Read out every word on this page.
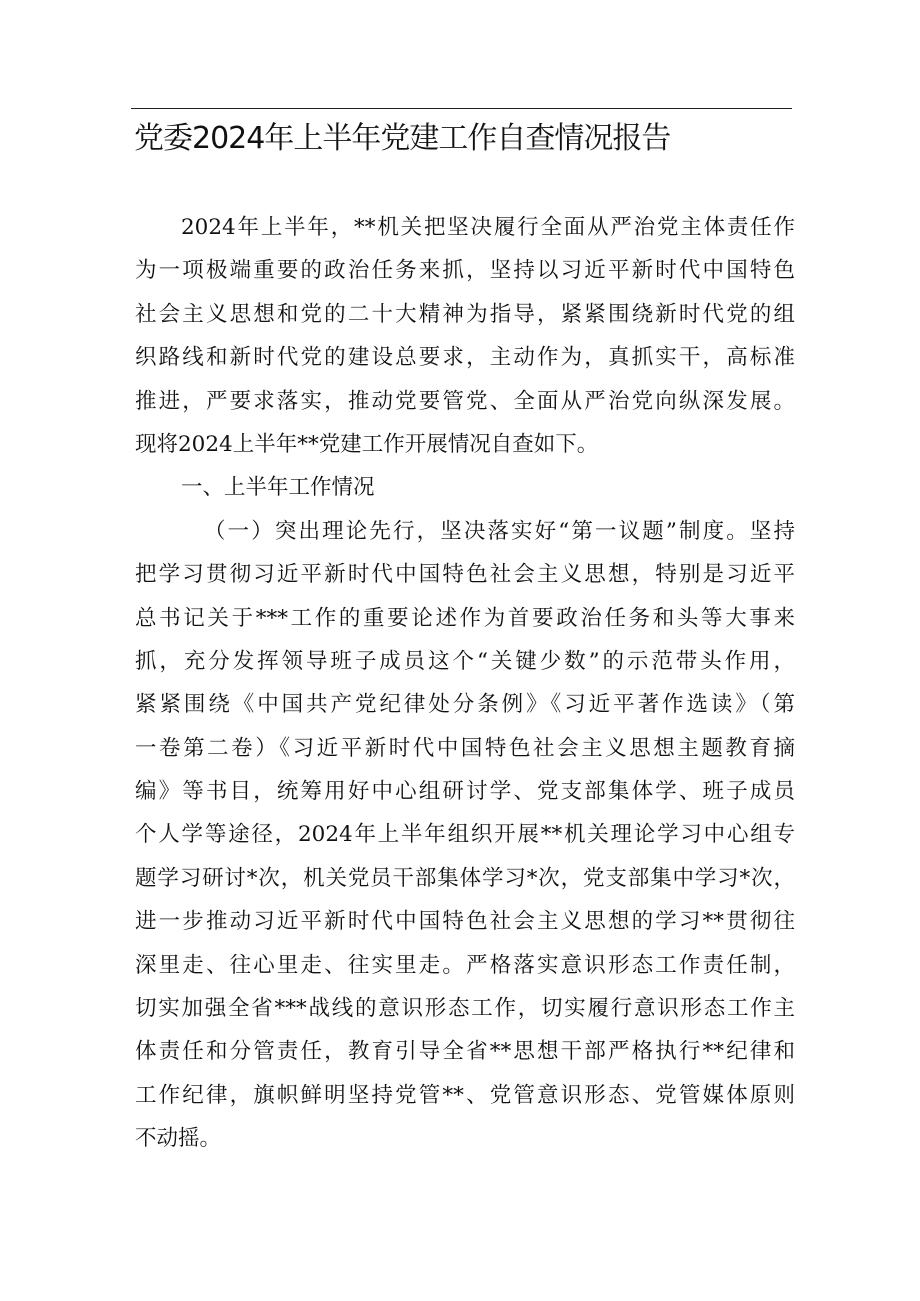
党委2024年上半年党建工作自查情况报告
2024年上半年，**机关把坚决履行全面从严治党主体责任作
为一项极端重要的政治任务来抓，坚持以习近平新时代中国特色
社会主义思想和党的二十大精神为指导，紧紧围绕新时代党的组
织路线和新时代党的建设总要求，主动作为，真抓实干，高标准
推进，严要求落实，推动党要管党、全面从严治党向纵深发展。
现将2024上半年**党建工作开展情况自查如下。
一、上半年工作情况
（一）突出理论先行，坚决落实好“第一议题”制度。坚持
把学习贯彻习近平新时代中国特色社会主义思想，特别是习近平
总书记关于***工作的重要论述作为首要政治任务和头等大事来
抓，充分发挥领导班子成员这个“关键少数”的示范带头作用，
紧紧围绕《中国共产党纪律处分条例》《习近平著作选读》（第
一卷第二卷）《习近平新时代中国特色社会主义思想主题教育摘
编》等书目，统筹用好中心组研讨学、党支部集体学、班子成员
个人学等途径，2024年上半年组织开展**机关理论学习中心组专
题学习研讨*次，机关党员干部集体学习*次，党支部集中学习*次，
进一步推动习近平新时代中国特色社会主义思想的学习**贯彻往
深里走、往心里走、往实里走。严格落实意识形态工作责任制，
切实加强全省***战线的意识形态工作，切实履行意识形态工作主
体责任和分管责任，教育引导全省**思想干部严格执行**纪律和
工作纪律，旗帜鲜明坚持党管**、党管意识形态、党管媒体原则
不动摇。
